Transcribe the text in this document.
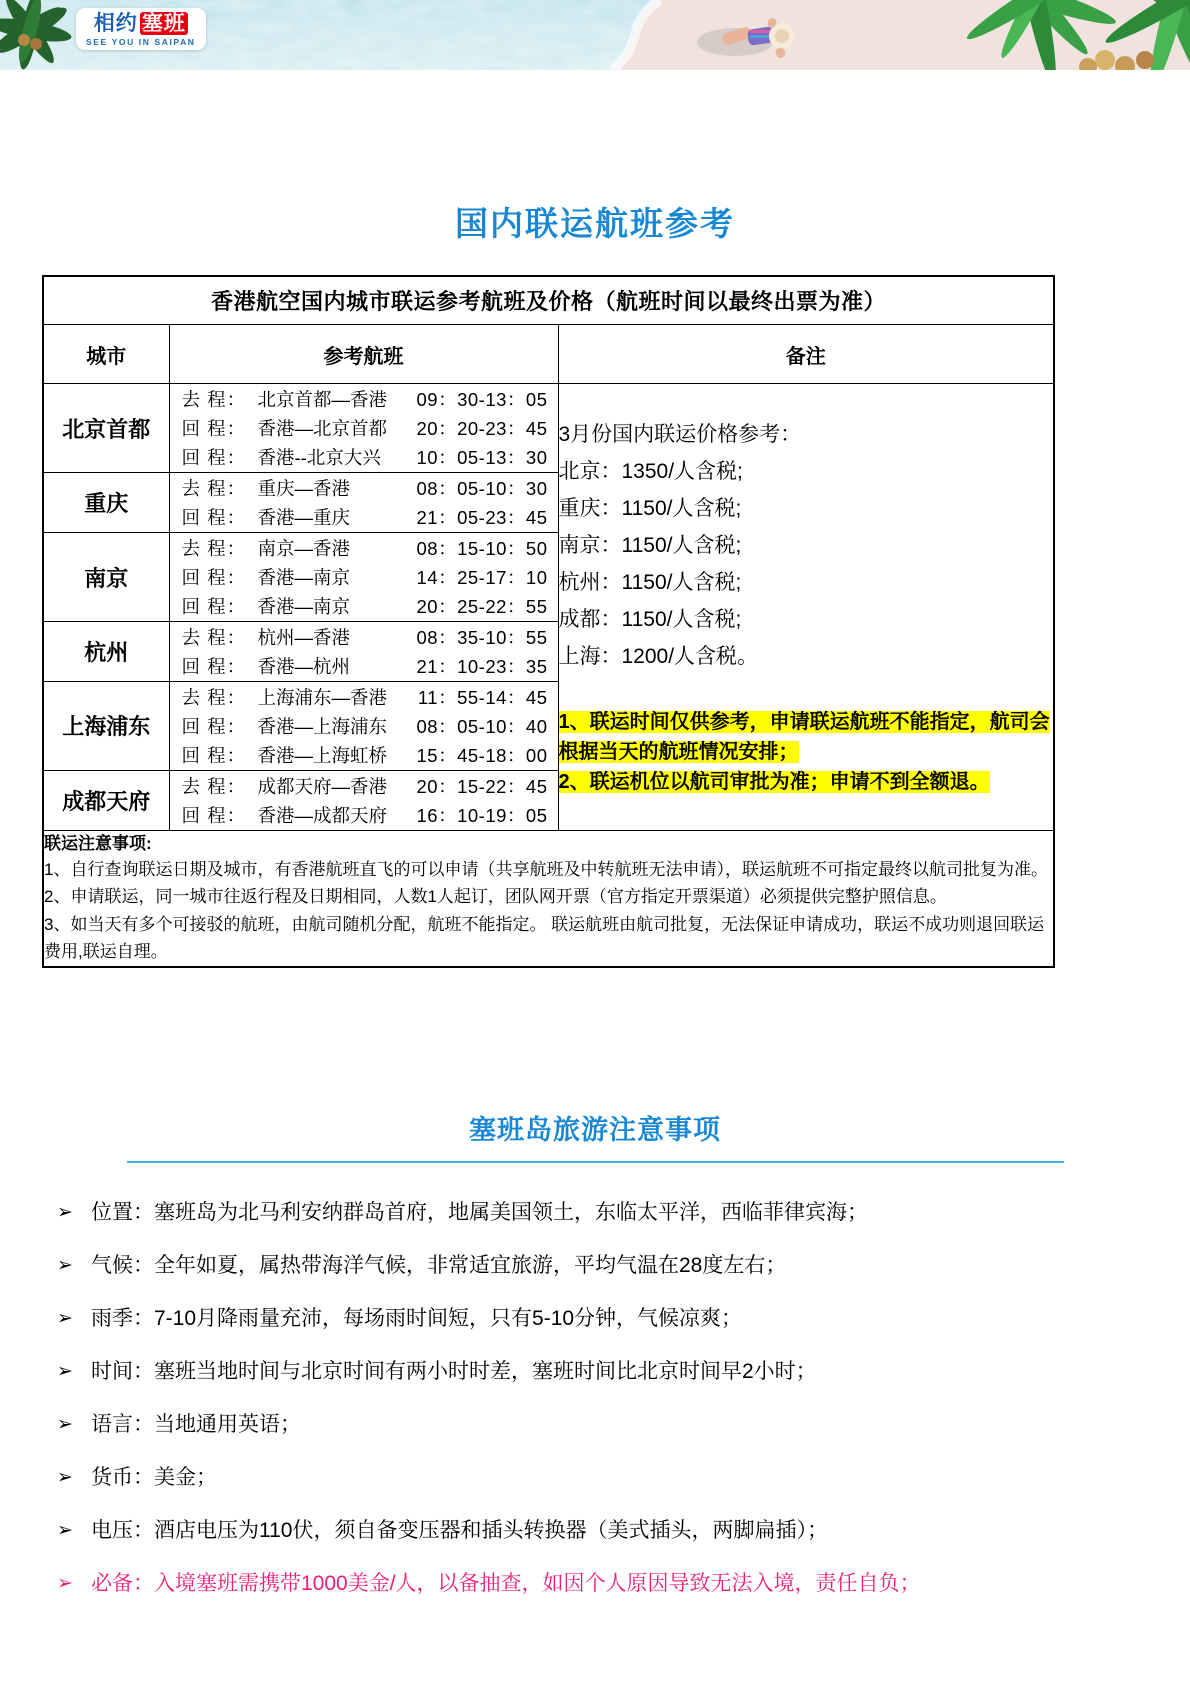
相约 塞班
SEE YOU IN SAIPAN
国内联运航班参考
香港航空国内城市联运参考航班及价格（航班时间以最终出票为准）		
城市	参考航班	备注
北京首都	
去 程： 北京首都—香港	09：30-13：05
回 程： 香港—北京首都	20：20-23：45
回 程： 香港--北京大兴	10：05-13：30

3月份国内联运价格参考：
北京：1350/人含税;
重庆：1150/人含税;
南京：1150/人含税;
杭州：1150/人含税;
成都：1150/人含税;
上海：1200/人含税。
1、联运时间仅供参考，申请联运航班不能指定，航司会根据当天的航班情况安排；
2、联运机位以航司审批为准；申请不到全额退。

重庆	
去 程： 重庆—香港	08：05-10：30
回 程： 香港—重庆	21：05-23：45

南京	
去 程： 南京—香港	08：15-10：50
回 程： 香港—南京	14：25-17：10
回 程： 香港—南京	20：25-22：55

杭州	
去 程： 杭州—香港	08：35-10：55
回 程： 香港—杭州	21：10-23：35

上海浦东	
去 程： 上海浦东—香港	11：55-14：45
回 程： 香港—上海浦东	08：05-10：40
回 程： 香港—上海虹桥	15：45-18：00

成都天府	
去 程： 成都天府—香港	20：15-22：45
回 程： 香港—成都天府	16：10-19：05

联运注意事项:
1、自行查询联运日期及城市，有香港航班直飞的可以申请（共享航班及中转航班无法申请），联运航班不可指定最终以航司批复为准。
2、申请联运，同一城市往返行程及日期相同，人数1人起订，团队网开票（官方指定开票渠道）必须提供完整护照信息。
3、如当天有多个可接驳的航班，由航司随机分配，航班不能指定。 联运航班由航司批复，无法保证申请成功，联运不成功则退回联运费用,联运自理。		
塞班岛旅游注意事项
➢ 位置：塞班岛为北马利安纳群岛首府，地属美国领土，东临太平洋，西临菲律宾海；
➢ 气候：全年如夏，属热带海洋气候，非常适宜旅游，平均气温在28度左右；
➢ 雨季：7-10月降雨量充沛，每场雨时间短，只有5-10分钟，气候凉爽；
➢ 时间：塞班当地时间与北京时间有两小时时差，塞班时间比北京时间早2小时；
➢ 语言：当地通用英语；
➢ 货币：美金；
➢ 电压：酒店电压为110伏，须自备变压器和插头转换器（美式插头，两脚扁插）；
➢ 必备：入境塞班需携带1000美金/人，以备抽查，如因个人原因导致无法入境，责任自负；
